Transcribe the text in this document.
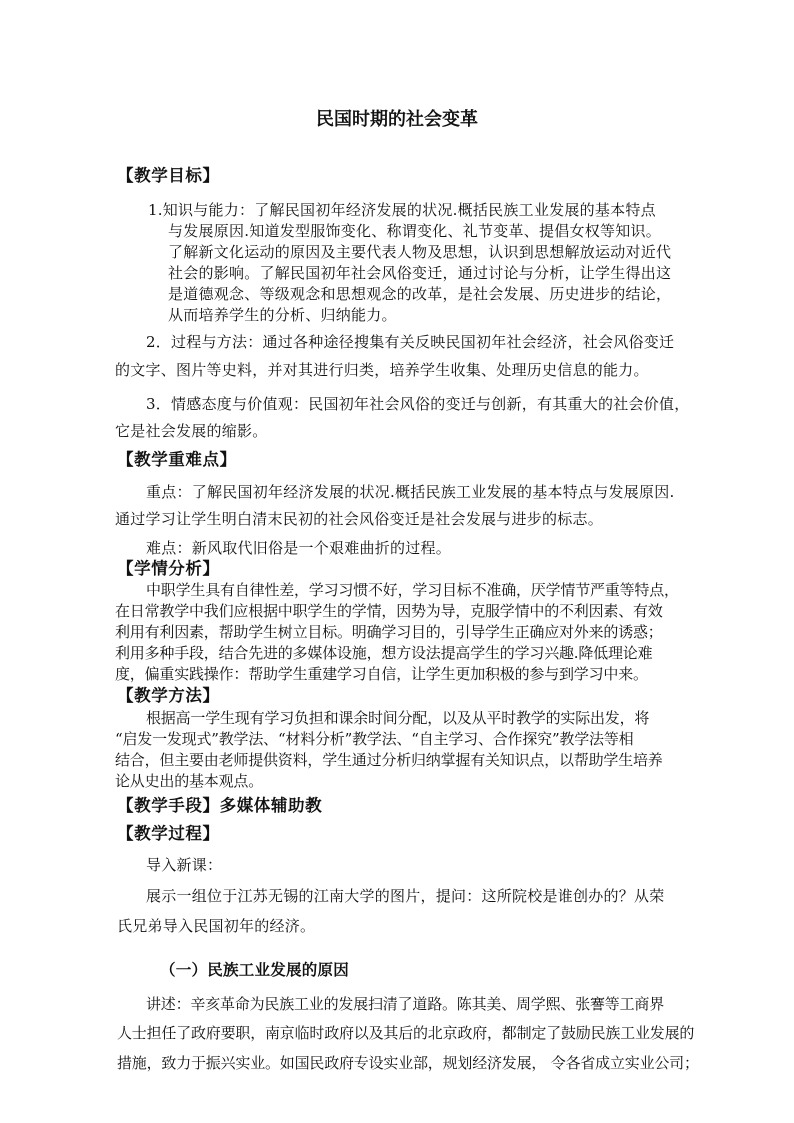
民国时期的社会变革
【教学目标】
1.知识与能力：了解民国初年经济发展的状况.概括民族工业发展的基本特点
与发展原因.知道发型服饰变化、称谓变化、礼节变革、提倡女权等知识。
了解新文化运动的原因及主要代表人物及思想，认识到思想解放运动对近代
社会的影响。了解民国初年社会风俗变迁，通过讨论与分析，让学生得出这
是道德观念、等级观念和思想观念的改革，是社会发展、历史进步的结论，
从而培养学生的分析、归纳能力。
2．过程与方法：通过各种途径搜集有关反映民国初年社会经济，社会风俗变迁
的文字、图片等史料，并对其进行归类，培养学生收集、处理历史信息的能力。
3．情感态度与价值观：民国初年社会风俗的变迁与创新，有其重大的社会价值，
它是社会发展的缩影。
【教学重难点】
重点：了解民国初年经济发展的状况.概括民族工业发展的基本特点与发展原因.
通过学习让学生明白清末民初的社会风俗变迁是社会发展与进步的标志。
难点：新风取代旧俗是一个艰难曲折的过程。
【学情分析】
中职学生具有自律性差，学习习惯不好，学习目标不准确，厌学情节严重等特点，
在日常教学中我们应根据中职学生的学情，因势为导，克服学情中的不利因素、有效
利用有利因素，帮助学生树立目标。明确学习目的，引导学生正确应对外来的诱惑；
利用多种手段，结合先进的多媒体设施，想方设法提高学生的学习兴趣.降低理论难
度，偏重实践操作：帮助学生重建学习自信，让学生更加积极的参与到学习中来。
【教学方法】
根据高一学生现有学习负担和课余时间分配，以及从平时教学的实际出发，将
“启发一发现式”教学法、“材料分析”教学法、“自主学习、合作探究”教学法等相
结合，但主要由老师提供资料，学生通过分析归纳掌握有关知识点，以帮助学生培养
论从史出的基本观点。
【教学手段】多媒体辅助教
【教学过程】
导入新课：
展示一组位于江苏无锡的江南大学的图片，提问：这所院校是谁创办的？从荣
氏兄弟导入民国初年的经济。
（一）民族工业发展的原因
讲述：辛亥革命为民族工业的发展扫清了道路。陈其美、周学熙、张謇等工商界
人士担任了政府要职，南京临时政府以及其后的北京政府，都制定了鼓励民族工业发展的
措施，致力于振兴实业。如国民政府专设实业部，规划经济发展， 令各省成立实业公司；
